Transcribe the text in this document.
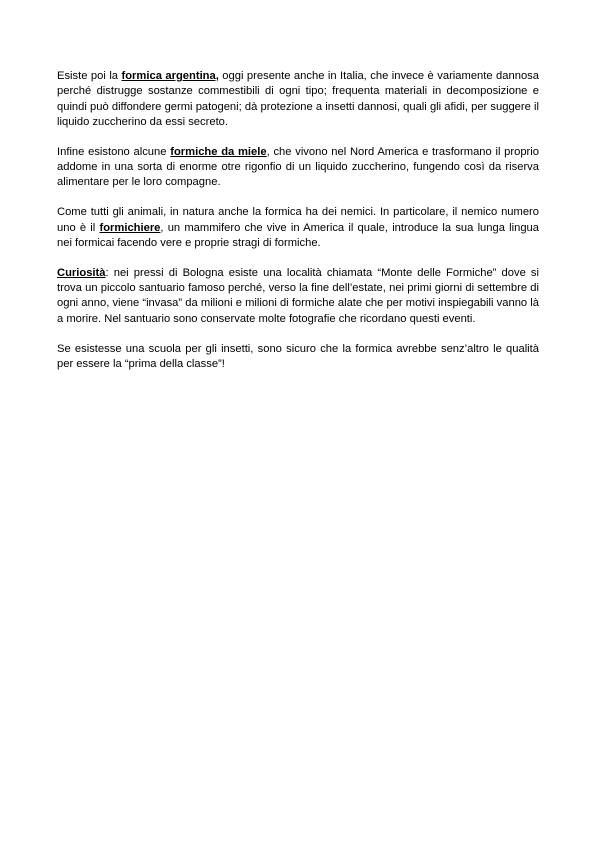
Esiste poi la formica argentina, oggi presente anche in Italia, che invece è variamente dannosa perché distrugge sostanze commestibili di ogni tipo; frequenta materiali in decomposizione e quindi può diffondere germi patogeni; dà protezione a insetti dannosi, quali gli afidi, per suggere il liquido zuccherino da essi secreto.

Infine esistono alcune formiche da miele, che vivono nel Nord America e trasformano il proprio addome in una sorta di enorme otre rigonfio di un liquido zuccherino, fungendo così da riserva alimentare per le loro compagne.

Come tutti gli animali, in natura anche la formica ha dei nemici. In particolare, il nemico numero uno è il formichiere, un mammifero che vive in America il quale, introduce la sua lunga lingua nei formicai facendo vere e proprie stragi di formiche.

Curiosità: nei pressi di Bologna esiste una località chiamata “Monte delle Formiche” dove si trova un piccolo santuario famoso perché, verso la fine dell’estate, nei primi giorni di settembre di ogni anno, viene “invasa” da milioni e milioni di formiche alate che per motivi inspiegabili vanno là a morire. Nel santuario sono conservate molte fotografie che ricordano questi eventi.

Se esistesse una scuola per gli insetti, sono sicuro che la formica avrebbe senz’altro le qualità per essere la “prima della classe”!
